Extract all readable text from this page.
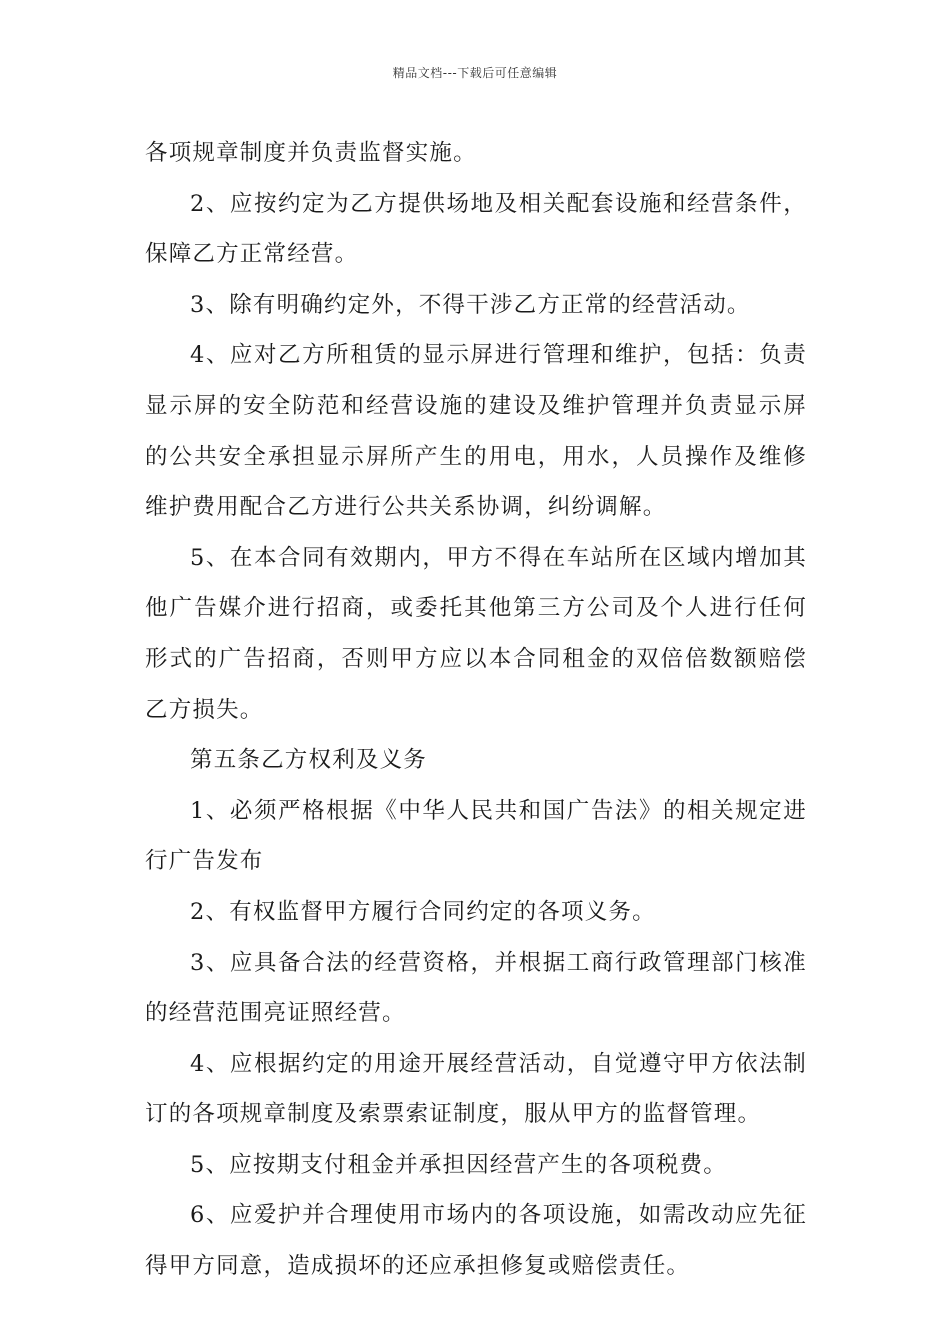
精品文档---下载后可任意编辑

各项规章制度并负责监督实施。

2、应按约定为乙方提供场地及相关配套设施和经营条件，保障乙方正常经营。

3、除有明确约定外，不得干涉乙方正常的经营活动。

4、应对乙方所租赁的显示屏进行管理和维护，包括：负责显示屏的安全防范和经营设施的建设及维护管理并负责显示屏的公共安全承担显示屏所产生的用电，用水，人员操作及维修维护费用配合乙方进行公共关系协调，纠纷调解。

5、在本合同有效期内，甲方不得在车站所在区域内增加其他广告媒介进行招商，或委托其他第三方公司及个人进行任何形式的广告招商，否则甲方应以本合同租金的双倍倍数额赔偿乙方损失。

第五条乙方权利及义务

1、必须严格根据《中华人民共和国广告法》的相关规定进行广告发布

2、有权监督甲方履行合同约定的各项义务。

3、应具备合法的经营资格，并根据工商行政管理部门核准的经营范围亮证照经营。

4、应根据约定的用途开展经营活动，自觉遵守甲方依法制订的各项规章制度及索票索证制度，服从甲方的监督管理。

5、应按期支付租金并承担因经营产生的各项税费。

6、应爱护并合理使用市场内的各项设施，如需改动应先征得甲方同意，造成损坏的还应承担修复或赔偿责任。
